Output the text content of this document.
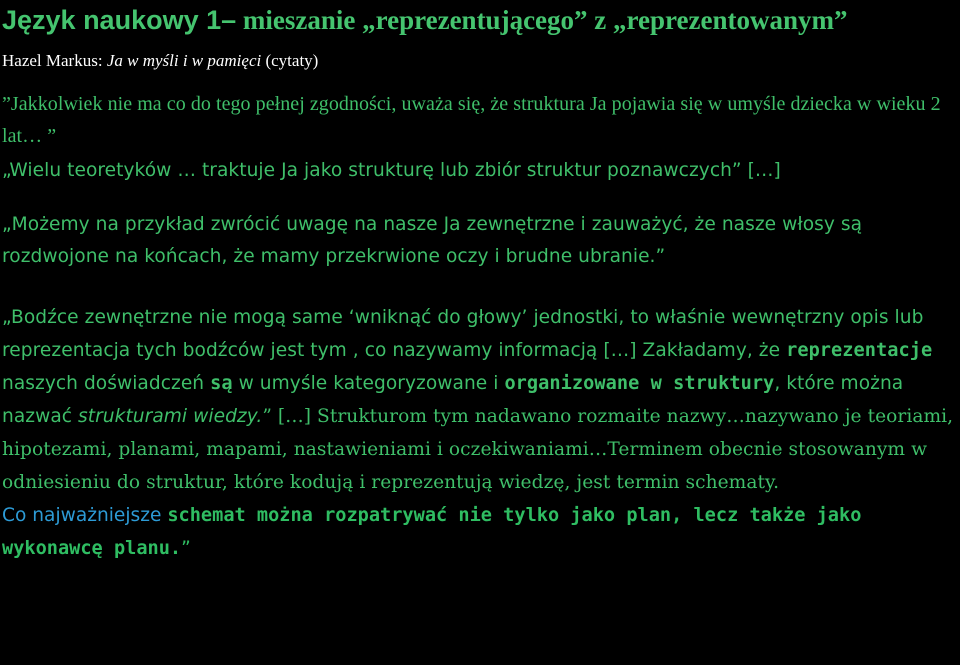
Język naukowy 1– mieszanie „reprezentującego” z „reprezentowanym”

Hazel Markus: Ja w myśli i w pamięci (cytaty)

”Jakkolwiek nie ma co do tego pełnej zgodności, uważa się, że struktura Ja pojawia się w umyśle dziecka w wieku 2 lat… ”

„Wielu teoretyków … traktuje Ja jako strukturę lub zbiór struktur poznawczych” […]

„Możemy na przykład zwrócić uwagę na nasze Ja zewnętrzne i zauważyć, że nasze włosy są rozdwojone na końcach, że mamy przekrwione oczy i brudne ubranie.”

„Bodźce zewnętrzne nie mogą same ‘wniknąć do głowy’ jednostki, to właśnie wewnętrzny opis lub reprezentacja tych bodźców jest tym , co nazywamy informacją […] Zakładamy, że reprezentacje naszych doświadczeń są w umyśle kategoryzowane i organizowane w struktury, które można nazwać strukturami wiedzy.” […] Strukturom tym nadawano rozmaite nazwy…nazywano je teoriami, hipotezami, planami, mapami, nastawieniami i oczekiwaniami…Terminem obecnie stosowanym w odniesieniu do struktur, które kodują i reprezentują wiedzę, jest termin schematy.

Co najważniejsze schemat można rozpatrywać nie tylko jako plan, lecz także jako wykonawcę planu.”
